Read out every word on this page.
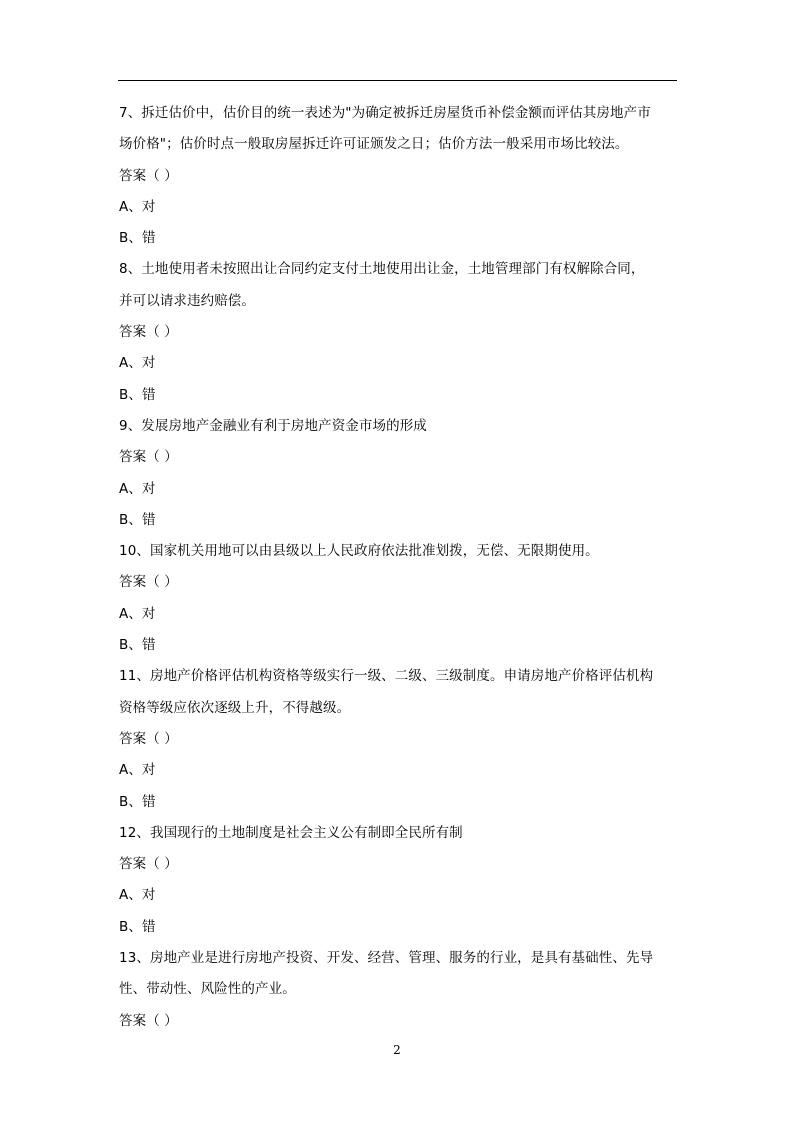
7、拆迁估价中，估价目的统一表述为"为确定被拆迁房屋货币补偿金额而评估其房地产市
场价格"；估价时点一般取房屋拆迁许可证颁发之日；估价方法一般采用市场比较法。
答案（ ）
A、对
B、错
8、土地使用者未按照出让合同约定支付土地使用出让金，土地管理部门有权解除合同，
并可以请求违约赔偿。
答案（ ）
A、对
B、错
9、发展房地产金融业有利于房地产资金市场的形成
答案（ ）
A、对
B、错
10、国家机关用地可以由县级以上人民政府依法批准划拨，无偿、无限期使用。
答案（ ）
A、对
B、错
11、房地产价格评估机构资格等级实行一级、二级、三级制度。申请房地产价格评估机构
资格等级应依次逐级上升，不得越级。
答案（ ）
A、对
B、错
12、我国现行的土地制度是社会主义公有制即全民所有制
答案（ ）
A、对
B、错
13、房地产业是进行房地产投资、开发、经营、管理、服务的行业，是具有基础性、先导
性、带动性、风险性的产业。
答案（ ）
2
